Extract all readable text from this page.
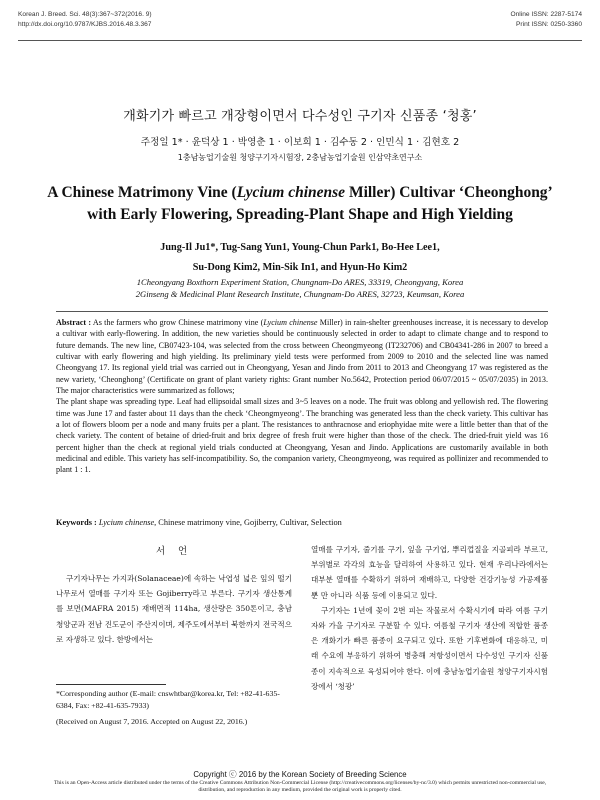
Korean J. Breed. Sci. 48(3):367~372(2016. 9)
http://dx.doi.org/10.9787/KJBS.2016.48.3.367
Online ISSN: 2287-5174
Print ISSN: 0250-3360
개화기가 빠르고 개장형이면서 다수성인 구기자 신품종 ‘청홍’
주정일 1* · 윤덕상 1 · 박영춘 1 · 이보희 1 · 김수동 2 · 인민식 1 · 김현호 2
1충남농업기술원 청양구기자시험장, 2충남농업기술원 인삼약초연구소
A Chinese Matrimony Vine (Lycium chinense Miller) Cultivar ‘Cheonghong’
with Early Flowering, Spreading-Plant Shape and High Yielding
Jung-Il Ju1*, Tug-Sang Yun1, Young-Chun Park1, Bo-Hee Lee1,
Su-Dong Kim2, Min-Sik In1, and Hyun-Ho Kim2
1Cheongyang Boxthorn Experiment Station, Chungnam-Do ARES, 33319, Cheongyang, Korea
2Ginseng & Medicinal Plant Research Institute, Chungnam-Do ARES, 32723, Keumsan, Korea

Abstract : As the farmers who grow Chinese matrimony vine (Lycium chinense Miller) in rain-shelter greenhouses increase, it is necessary to develop a cultivar with early-flowering. In addition, the new varieties should be continuously selected in order to adapt to climate change and to respond to future demands. The new line, CB07423-104, was selected from the cross between Cheongmyeong (IT232706) and CB04341-286 in 2007 to breed a cultivar with early flowering and high yielding. Its preliminary yield tests were performed from 2009 to 2010 and the selected line was named Cheongyang 17. Its regional yield trial was carried out in Cheongyang, Yesan and Jindo from 2011 to 2013 and Cheongyang 17 was registered as the new variety, ‘Cheonghong’ (Certificate on grant of plant variety rights: Grant number No.5642, Protection period 06/07/2015 ~ 05/07/2035) in 2013. The major characteristics were summarized as follows;

The plant shape was spreading type. Leaf had ellipsoidal small sizes and 3~5 leaves on a node. The fruit was oblong and yellowish red. The flowering time was June 17 and faster about 11 days than the check ‘Cheongmyeong’. The branching was generated less than the check variety. This cultivar has a lot of flowers bloom per a node and many fruits per a plant. The resistances to anthracnose and eriophyidae mite were a little better than that of the check variety. The content of betaine of dried-fruit and brix degree of fresh fruit were higher than those of the check. The dried-fruit yield was 16 percent higher than the check at regional yield trials conducted at Cheongyang, Yesan and Jindo. Applications are customarily available in both medicinal and edible. This variety has self-incompatibility. So, the companion variety, Cheongmyeong, was required as pollinizer and recommended to plant 1 : 1.

Keywords : Lycium chinense, Chinese matrimony vine, Gojiberry, Cultivar, Selection
서 언
구기자나무는 가지과(Solanaceae)에 속하는 낙엽성 넓은 잎의 떨기나무로서 열매를 구기자 또는 Gojiberry라고 부른다. 구기자 생산통계를 보면(MAFRA 2015) 재배면적 114ha, 생산량은 350톤이고, 충남 청양군과 전남 진도군이 주산지이며, 제주도에서부터 북한까지 전국적으로 자생하고 있다. 한방에서는
열매를 구기자, 줄기를 구기, 잎을 구기엽, 뿌리껍질을 지골피라 부르고, 부위별로 각각의 효능을 달리하여 사용하고 있다. 현재 우리나라에서는 대부분 열매를 수확하기 위하여 재배하고, 다양한 건강기능성 가공제품뿐 만 아니라 식품 등에 이용되고 있다.
구기자는 1년에 꽃이 2번 피는 작물로서 수확시기에 따라 여름 구기자와 가을 구기자로 구분할 수 있다. 여름철 구기자 생산에 적합한 품종은 개화기가 빠른 품종이 요구되고 있다. 또한 기후변화에 대응하고, 미래 수요에 부응하기 위하여 병충해 저항성이면서 다수성인 구기자 신품종이 지속적으로 육성되어야 한다. 이에 충남농업기술원 청양구기자시험장에서 ‘청광’
*Corresponding author (E-mail: cnswhtbar@korea.kr, Tel: +82-41-635-6384, Fax: +82-41-635-7933)
(Received on August 7, 2016. Accepted on August 22, 2016.)
Copyright ⓒ 2016 by the Korean Society of Breeding Science
This is an Open-Access article distributed under the terms of the Creative Commons Attribution Non-Commercial License (http://creativecommons.org/licenses/by-nc/3.0) which permits unrestricted non-commercial use, distribution, and reproduction in any medium, provided the original work is properly cited.
